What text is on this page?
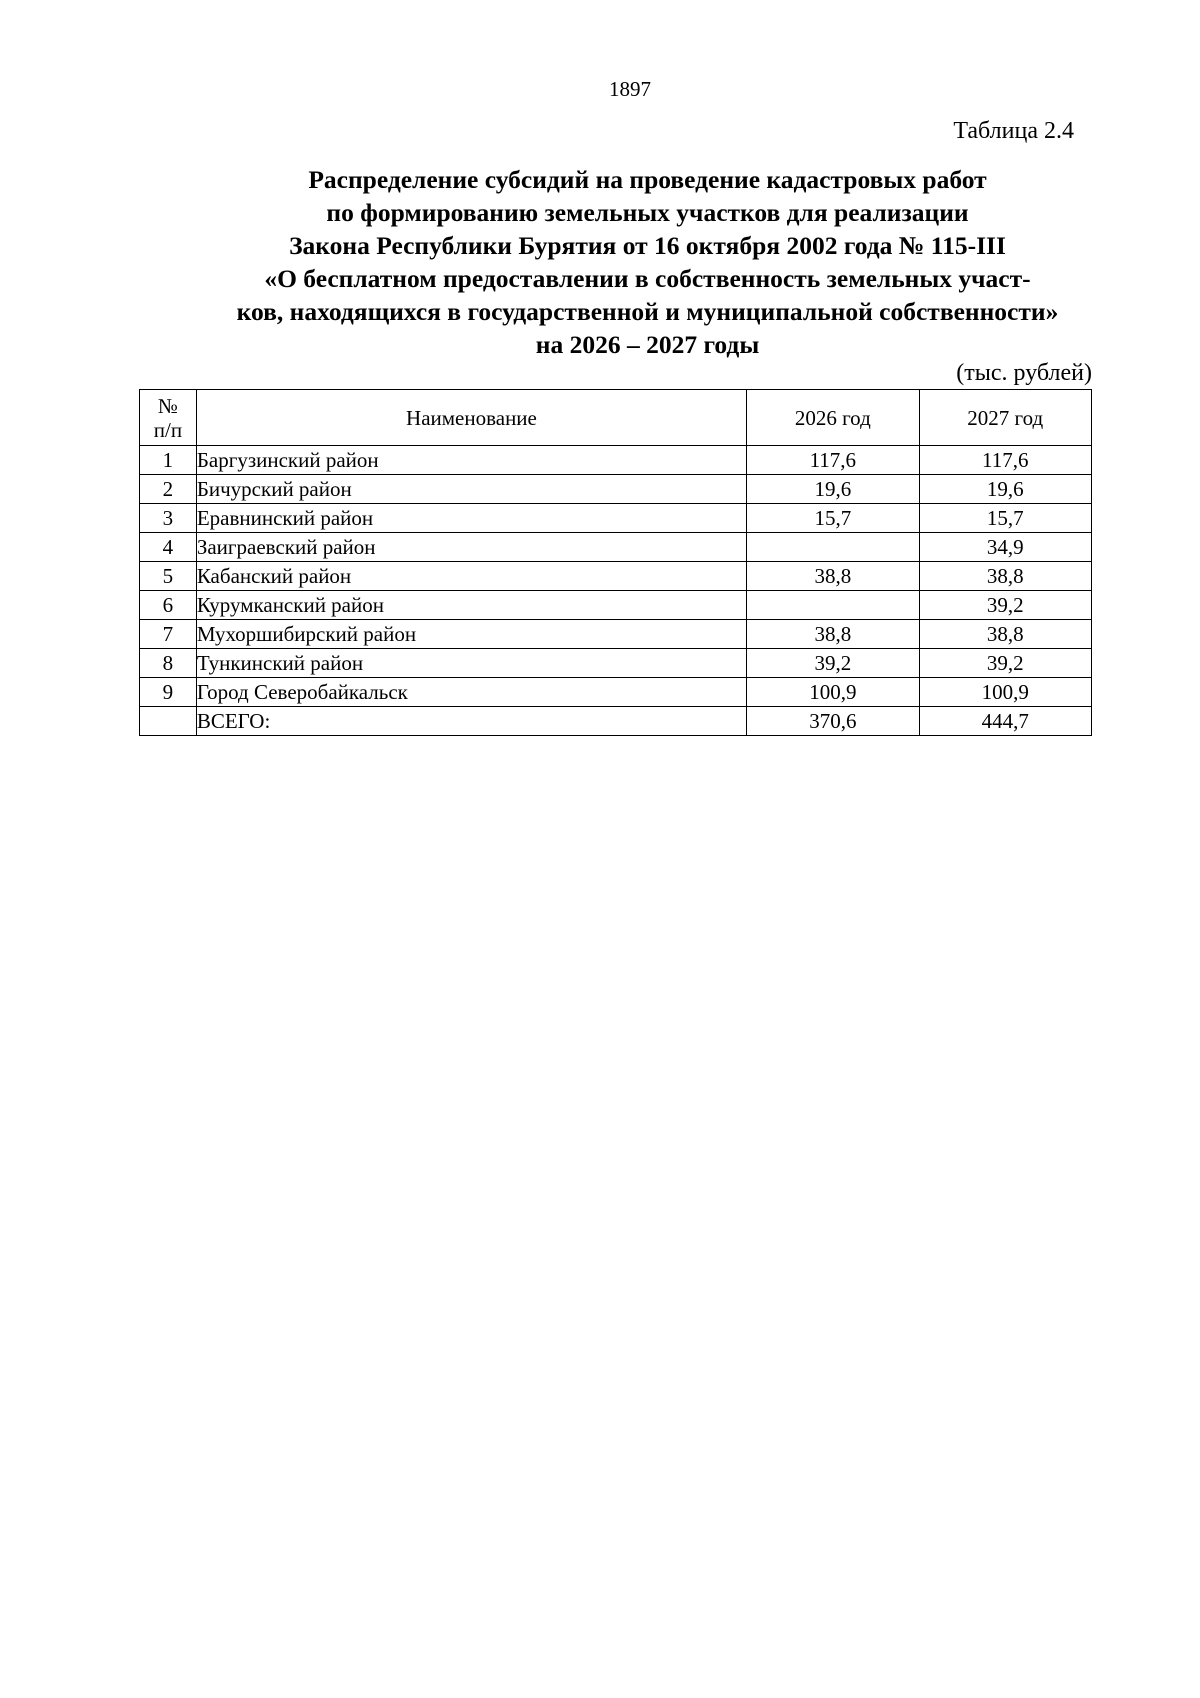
1897
Таблица 2.4
Распределение субсидий на проведение кадастровых работ
по формированию земельных участков для реализации
Закона Республики Бурятия от 16 октября 2002 года № 115-III
«О бесплатном предоставлении в собственность земельных участ-
ков, находящихся в государственной и муниципальной собственности»
на 2026 – 2027 годы
(тыс. рублей)
№
п/п	Наименование	2026 год	2027 год
1	Баргузинский район	117,6	117,6
2	Бичурский район	19,6	19,6
3	Еравнинский район	15,7	15,7
4	Заиграевский район		34,9
5	Кабанский район	38,8	38,8
6	Курумканский район		39,2
7	Мухоршибирский район	38,8	38,8
8	Тункинский район	39,2	39,2
9	Город Северобайкальск	100,9	100,9
	ВСЕГО:	370,6	444,7
